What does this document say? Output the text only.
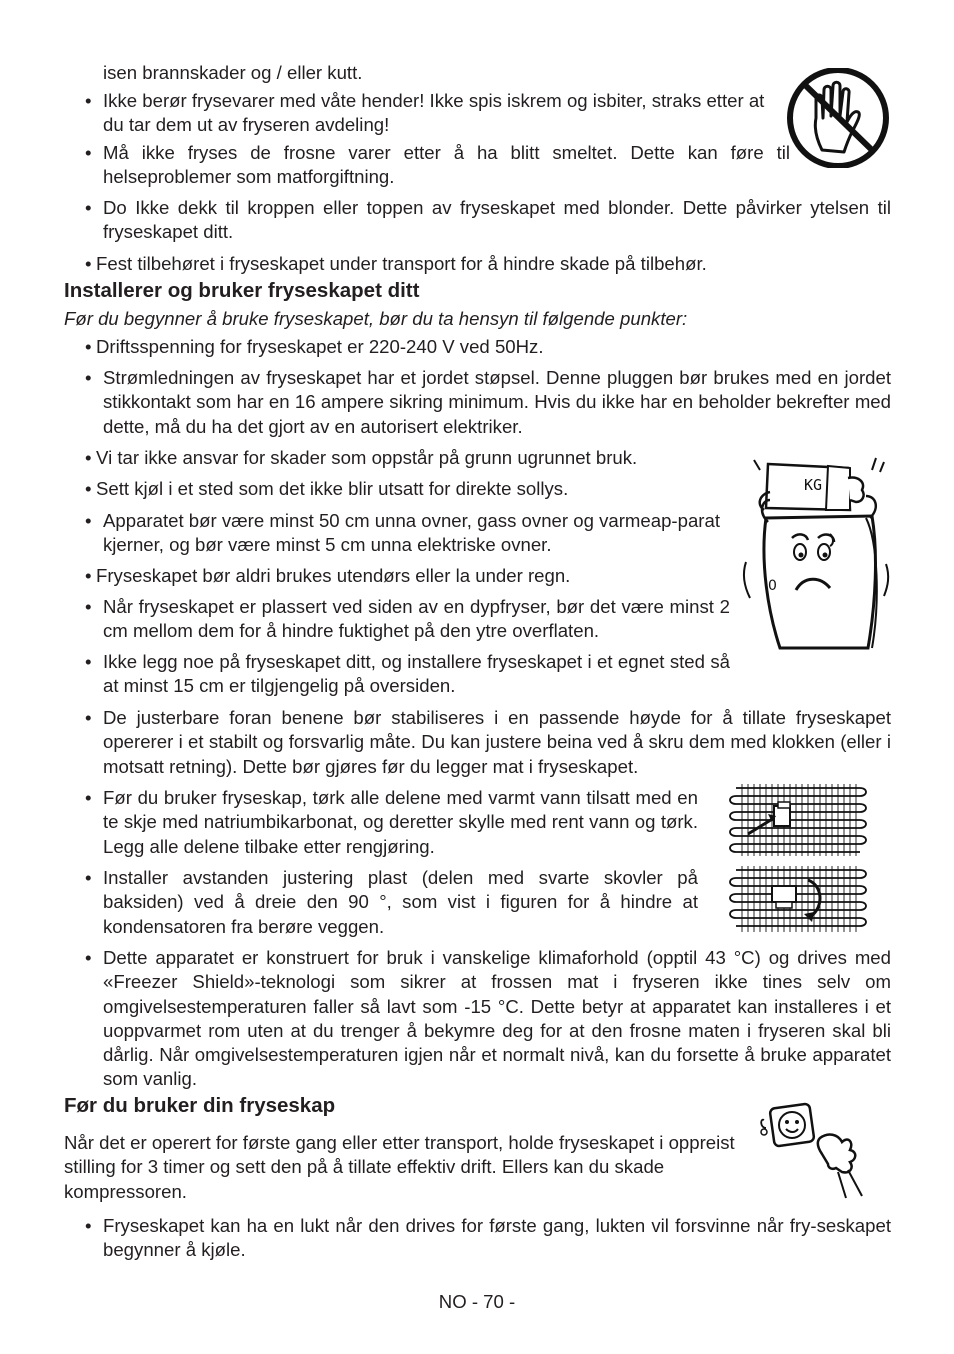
isen brannskader og / eller kutt.

• Ikke berør frysevarer med våte hender! Ikke spis iskrem og isbiter, straks etter at du tar dem ut av fryseren avdeling!
• Må ikke fryses de frosne varer etter å ha blitt smeltet. Dette kan føre til helseproblemer som matforgiftning.
• Do Ikke dekk til kroppen eller toppen av fryseskapet med blonder. Dette påvirker ytelsen til fryseskapet ditt.
• Fest tilbehøret i fryseskapet under transport for å hindre skade på tilbehør.
Installerer og bruker fryseskapet ditt

Før du begynner å bruke fryseskapet, bør du ta hensyn til følgende punkter:

• Driftsspenning for fryseskapet er 220-240 V ved 50Hz.
• Strømledningen av fryseskapet har et jordet støpsel. Denne pluggen bør brukes med en jordet stikkontakt som har en 16 ampere sikring minimum. Hvis du ikke har en beholder bekrefter med dette, må du ha det gjort av en autorisert elektriker.
• Vi tar ikke ansvar for skader som oppstår på grunn ugrunnet bruk.
• Sett kjøl i et sted som det ikke blir utsatt for direkte sollys.
• Apparatet bør være minst 50 cm unna ovner, gass ovner og varmeap-parat kjerner, og bør være minst 5 cm unna elektriske ovner.
• Fryseskapet bør aldri brukes utendørs eller la under regn.
• Når fryseskapet er plassert ved siden av en dypfryser, bør det være minst 2 cm mellom dem for å hindre fuktighet på den ytre overflaten.
• Ikke legg noe på fryseskapet ditt, og installere fryseskapet i et egnet sted så at minst 15 cm er tilgjengelig på oversiden.
KG
0
• De justerbare foran benene bør stabiliseres i en passende høyde for å tillate fryseskapet opererer i et stabilt og forsvarlig måte. Du kan justere beina ved å skru dem med klokken (eller i motsatt retning). Dette bør gjøres før du legger mat i fryseskapet.
• Før du bruker fryseskap, tørk alle delene med varmt vann tilsatt med en te skje med natriumbikarbonat, og deretter skylle med rent vann og tørk. Legg alle delene tilbake etter rengjøring.
• Installer avstanden justering plast (delen med svarte skovler på baksiden) ved å dreie den 90 °, som vist i figuren for å hindre at kondensatoren fra berøre veggen.
• Dette apparatet er konstruert for bruk i vanskelige klimaforhold (opptil 43 °C) og drives med «Freezer Shield»-teknologi som sikrer at frossen mat i fryseren ikke tines selv om omgivelsestemperaturen faller så lavt som -15 °C. Dette betyr at apparatet kan installeres i et uoppvarmet rom uten at du trenger å bekymre deg for at den frosne maten i fryseren skal bli dårlig. Når omgivelsestemperaturen igjen når et normalt nivå, kan du forsette å bruke apparatet som vanlig.
Før du bruker din fryseskap

Når det er operert for første gang eller etter transport, holde fryseskapet i oppreist stilling for 3 timer og sett den på å tillate effektiv drift. Ellers kan du skade kompressoren.

• Fryseskapet kan ha en lukt når den drives for første gang, lukten vil forsvinne når fry-seskapet begynner å kjøle.
NO - 70 -
